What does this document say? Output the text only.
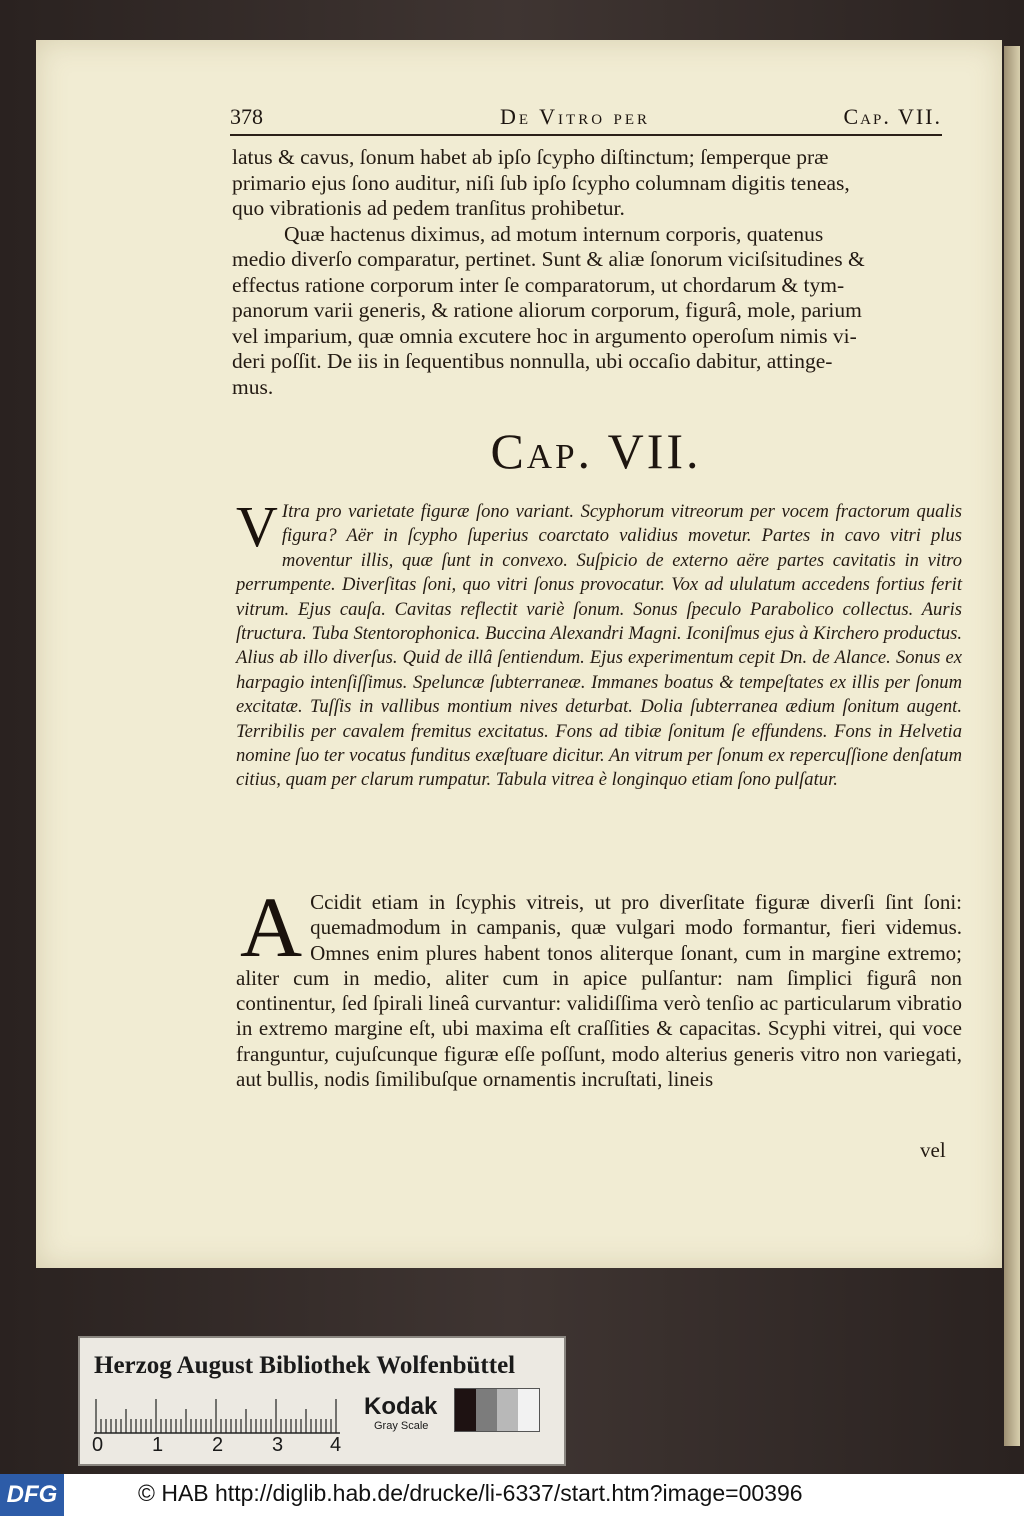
378	De Vitro per	Cap. VII.

latus & cavus, ſonum habet ab ipſo ſcypho diſtinctum; ſemperque præ

primario ejus ſono auditur, niſi ſub ipſo ſcypho columnam digitis teneas,

quo vibrationis ad pedem tranſitus prohibetur.

Quæ hactenus diximus, ad motum internum corporis, quatenus

medio diverſo comparatur, pertinet. Sunt & aliæ ſonorum viciſsitudines &

effectus ratione corporum inter ſe comparatorum, ut chordarum & tym-

panorum varii generis, & ratione aliorum corporum, figurâ, mole, parium

vel imparium, quæ omnia excutere hoc in argumento operoſum nimis vi-

deri poſſit. De iis in ſequentibus nonnulla, ubi occaſio dabitur, attinge-

mus.

Cap. VII.
V Itra pro varietate figuræ ſono variant. Scyphorum vitreorum per vocem fractorum qualis figura? Aër in ſcypho ſuperius coarctato validius movetur. Partes in cavo vitri plus moventur illis, quæ ſunt in convexo. Suſpicio de externo aëre partes cavitatis in vitro perrumpente. Diverſitas ſoni, quo vitri ſonus provocatur. Vox ad ululatum accedens fortius ferit vitrum. Ejus cauſa. Cavitas reflectit variè ſonum. Sonus ſpeculo Parabolico collectus. Auris ſtructura. Tuba Stentorophonica. Buccina Alexandri Magni. Iconiſmus ejus à Kirchero productus. Alius ab illo diverſus. Quid de illâ ſentiendum. Ejus experimentum cepit Dn. de Alance. Sonus ex harpagio intenſiſſimus. Speluncæ ſubterraneæ. Immanes boatus & tempeſtates ex illis per ſonum excitatæ. Tuſſis in vallibus montium nives deturbat. Dolia ſubterranea ædium ſonitum augent. Terribilis per cavalem fremitus excitatus. Fons ad tibiæ ſonitum ſe effundens. Fons in Helvetia nomine ſuo ter vocatus funditus exæſtuare dicitur. An vitrum per ſonum ex repercuſſione denſatum citius, quam per clarum rumpatur. Tabula vitrea è longinquo etiam ſono pulſatur.
A Ccidit etiam in ſcyphis vitreis, ut pro diverſitate figuræ diverſi ſint ſoni: quemadmodum in campanis, quæ vulgari modo formantur, fieri videmus. Omnes enim plures habent tonos aliterque ſonant, cum in margine extremo; aliter cum in medio, aliter cum in apice pulſantur: nam ſimplici figurâ non continentur, ſed ſpirali lineâ curvantur: validiſſima verò tenſio ac particularum vibratio in extremo margine eſt, ubi maxima eſt craſſities & capacitas. Scyphi vitrei, qui voce franguntur, cujuſcunque figuræ eſſe poſſunt, modo alterius generis vitro non variegati, aut bullis, nodis ſimilibuſque ornamentis incruſtati, lineis
vel
Herzog August Bibliothek Wolfenbüttel
0 1 2 3 4
Kodak
Gray Scale
DFG	© HAB http://diglib.hab.de/drucke/li-6337/start.htm?image=00396
